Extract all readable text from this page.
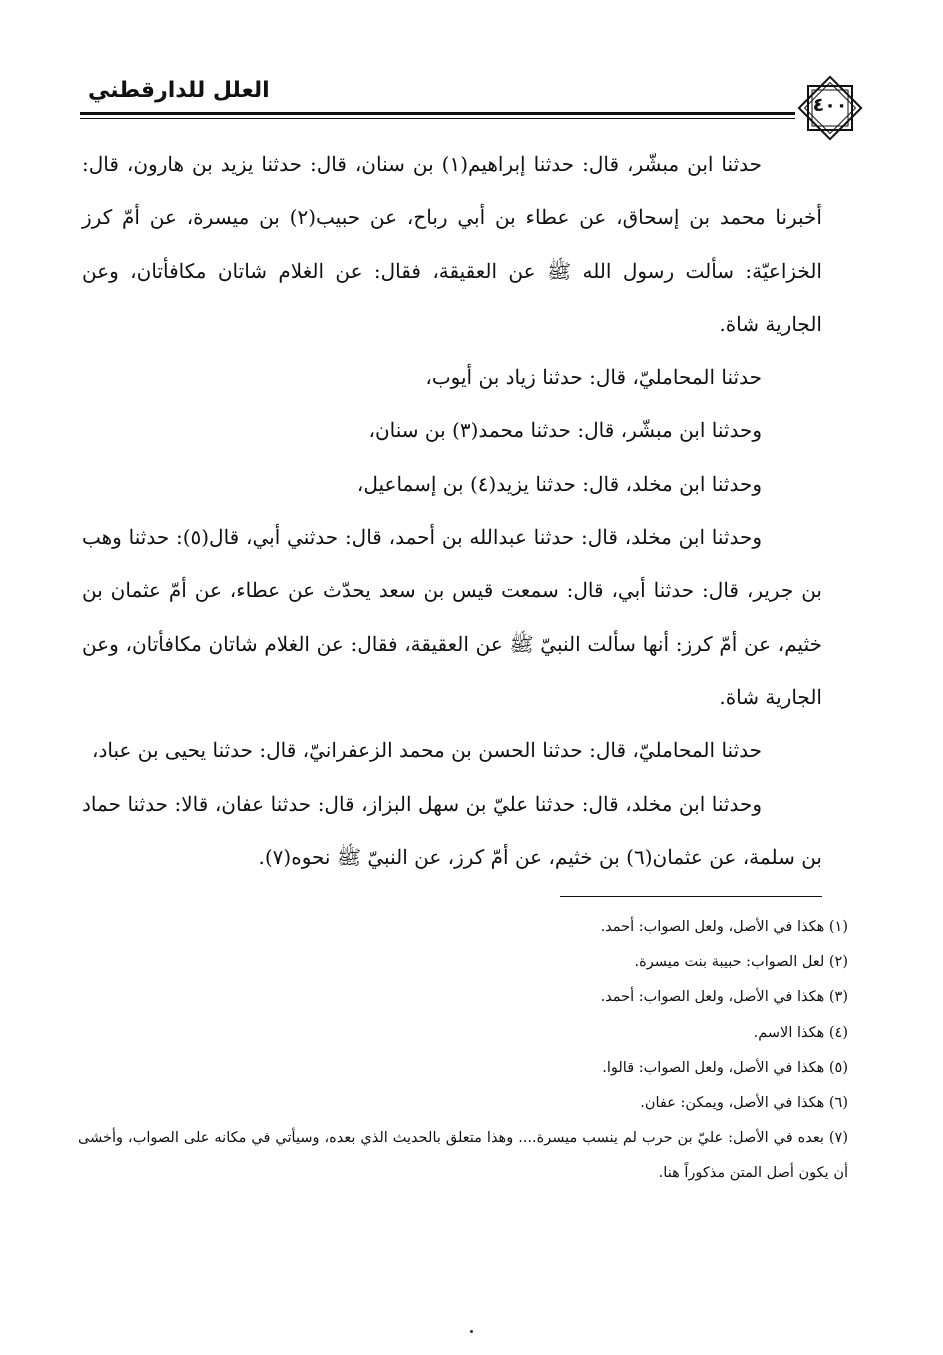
العلل للدارقطني
٤٠٠

حدثنا ابن مبشّر، قال: حدثنا إبراهيم(١) بن سنان، قال: حدثنا يزيد بن هارون، قال: أخبرنا محمد بن إسحاق، عن عطاء بن أبي رباح، عن حبيب(٢) بن ميسرة، عن أمّ كرز الخزاعيّة: سألت رسول الله ﷺ عن العقيقة، فقال: عن الغلام شاتان مكافأتان، وعن الجارية شاة.

حدثنا المحامليّ، قال: حدثنا زياد بن أيوب،

وحدثنا ابن مبشّر، قال: حدثنا محمد(٣) بن سنان،

وحدثنا ابن مخلد، قال: حدثنا يزيد(٤) بن إسماعيل،

وحدثنا ابن مخلد، قال: حدثنا عبدالله بن أحمد، قال: حدثني أبي، قال(٥): حدثنا وهب بن جرير، قال: حدثنا أبي، قال: سمعت قيس بن سعد يحدّث عن عطاء، عن أمّ عثمان بن خثيم، عن أمّ كرز: أنها سألت النبيّ ﷺ عن العقيقة، فقال: عن الغلام شاتان مكافأتان، وعن الجارية شاة.

حدثنا المحامليّ، قال: حدثنا الحسن بن محمد الزعفرانيّ، قال: حدثنا يحيى بن عباد،

وحدثنا ابن مخلد، قال: حدثنا عليّ بن سهل البزاز، قال: حدثنا عفان، قالا: حدثنا حماد بن سلمة، عن عثمان(٦) بن خثيم، عن أمّ كرز، عن النبيّ ﷺ نحوه(٧).

(١) هكذا في الأصل، ولعل الصواب: أحمد.

(٢) لعل الصواب: حبيبة بنت ميسرة.

(٣) هكذا في الأصل، ولعل الصواب: أحمد.

(٤) هكذا الاسم.

(٥) هكذا في الأصل، ولعل الصواب: قالوا.

(٦) هكذا في الأصل، ويمكن: عفان.

(٧) بعده في الأصل: عليّ بن حرب لم ينسب ميسرة.... وهذا متعلق بالحديث الذي بعده، وسيأتي في مكانه على الصواب، وأخشى أن يكون أصل المتن مذكوراً هنا.
